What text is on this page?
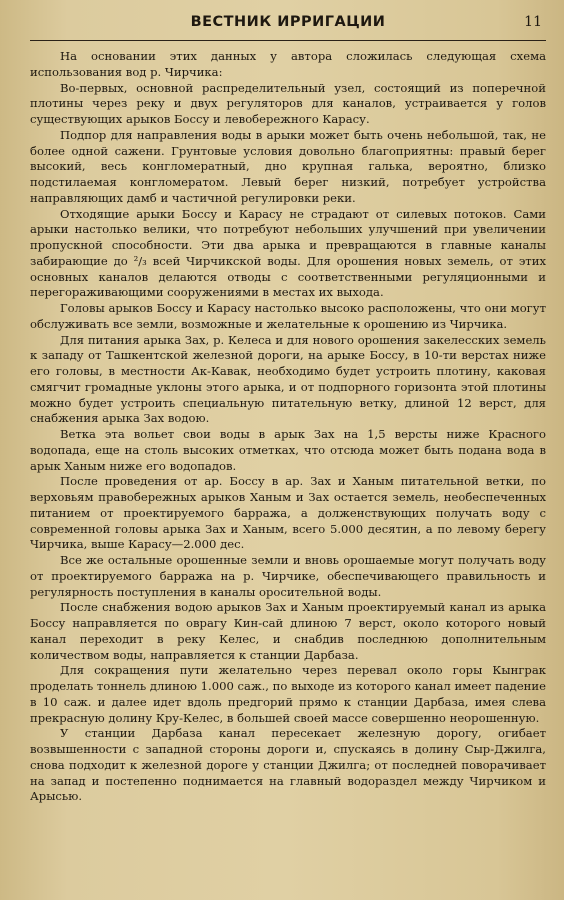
ВЕСТНИК ИРРИГАЦИИ	11

На основании этих данных у автора сложилась следующая схема использования вод р. Чирчика:

Во-первых, основной распределительный узел, состоящий из поперечной плотины через реку и двух регуляторов для каналов, устраивается у голов существующих арыков Боссу и левобережного Карасу.

Подпор для направления воды в арыки может быть очень небольшой, так, не более одной сажени. Грунтовые условия довольно благоприятны: правый берег высокий, весь конгломератный, дно крупная галька, вероятно, близко подстилаемая конгломератом. Левый берег низкий, потребует устройства направляющих дамб и частичной регулировки реки.

Отходящие арыки Боссу и Карасу не страдают от силевых потоков. Сами арыки настолько велики, что потребуют небольших улучшений при увеличении пропускной способности. Эти два арыка и превращаются в главные каналы забирающие до ²/₃ всей Чирчикской воды. Для орошения новых земель, от этих основных каналов делаются отводы с соответственными регуляционными и перегораживающими сооружениями в местах их выхода.

Головы арыков Боссу и Карасу настолько высоко расположены, что они могут обслуживать все земли, возможные и желательные к орошению из Чирчика.

Для питания арыка Зах, р. Келеса и для нового орошения закелесских земель к западу от Ташкентской железной дороги, на арыке Боссу, в 10-ти верстах ниже его головы, в местности Ак-Кавак, необходимо будет устроить плотину, каковая смягчит громадные уклоны этого арыка, и от подпорного горизонта этой плотины можно будет устроить специальную питательную ветку, длиной 12 верст, для снабжения арыка Зах водою.

Ветка эта вольет свои воды в арык Зах на 1,5 версты ниже Красного водопада, еще на столь высоких отметках, что отсюда может быть подана вода в арык Ханым ниже его водопадов.

После проведения от ар. Боссу в ар. Зах и Ханым питательной ветки, по верховьям правобережных арыков Ханым и Зах остается земель, необеспеченных питанием от проектируемого барража, а долженствующих получать воду с современной головы арыка Зах и Ханым, всего 5.000 десятин, а по левому берегу Чирчика, выше Карасу—2.000 дес.

Все же остальные орошенные земли и вновь орошаемые могут получать воду от проектируемого барража на р. Чирчике, обеспечивающего правильность и регулярность поступления в каналы оросительной воды.

После снабжения водою арыков Зах и Ханым проектируемый канал из арыка Боссу направляется по оврагу Кин-сай длиною 7 верст, около которого новый канал переходит в реку Келес, и снабдив последнюю дополнительным количеством воды, направляется к станции Дарбаза.

Для сокращения пути желательно через перевал около горы Кынграк проделать тоннель длиною 1.000 саж., по выходе из которого канал имеет падение в 10 саж. и далее идет вдоль предгорий прямо к станции Дарбаза, имея слева прекрасную долину Кру-Келес, в большей своей массе совершенно неорошенную.

У станции Дарбаза канал пересекает железную дорогу, огибает возвышенности с западной стороны дороги и, спускаясь в долину Сыр-Джилга, снова подходит к железной дороге у станции Джилга; от последней поворачивает на запад и постепенно поднимается на главный водораздел между Чирчиком и Арысью.
